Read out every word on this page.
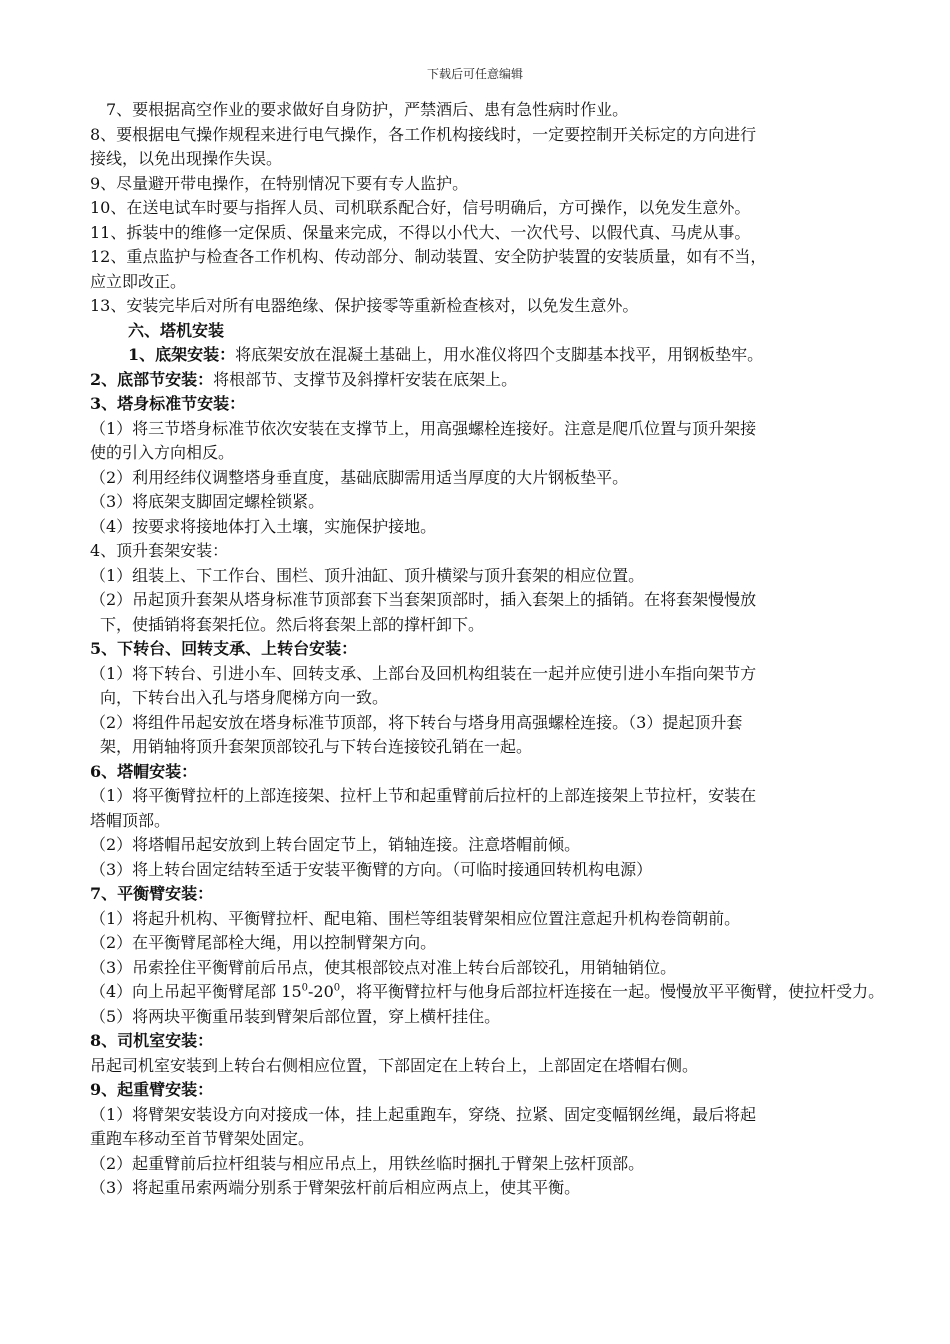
下载后可任意编辑

7、要根据高空作业的要求做好自身防护，严禁酒后、患有急性病时作业。

8、要根据电气操作规程来进行电气操作，各工作机构接线时，一定要控制开关标定的方向进行

接线，以免出现操作失误。

9、尽量避开带电操作，在特别情况下要有专人监护。

10、在送电试车时要与指挥人员、司机联系配合好，信号明确后，方可操作，以免发生意外。

11、拆装中的维修一定保质、保量来完成，不得以小代大、一次代号、以假代真、马虎从事。

12、重点监护与检查各工作机构、传动部分、制动装置、安全防护装置的安装质量，如有不当，

应立即改正。

13、安装完毕后对所有电器绝缘、保护接零等重新检查核对，以免发生意外。

六、塔机安装

1、底架安装：将底架安放在混凝土基础上，用水准仪将四个支脚基本找平，用钢板垫牢。

2、底部节安装：将根部节、支撑节及斜撑杆安装在底架上。

3、塔身标准节安装：

（1）将三节塔身标准节依次安装在支撑节上，用高强螺栓连接好。注意是爬爪位置与顶升架接

使的引入方向相反。

（2）利用经纬仪调整塔身垂直度，基础底脚需用适当厚度的大片钢板垫平。

（3）将底架支脚固定螺栓锁紧。

（4）按要求将接地体打入土壤，实施保护接地。

4、顶升套架安装：

（1）组装上、下工作台、围栏、顶升油缸、顶升横梁与顶升套架的相应位置。

（2）吊起顶升套架从塔身标准节顶部套下当套架顶部时，插入套架上的插销。在将套架慢慢放

下，使插销将套架托位。然后将套架上部的撑杆卸下。

5、下转台、回转支承、上转台安装：

（1）将下转台、引进小车、回转支承、上部台及回机构组装在一起并应使引进小车指向架节方

向，下转台出入孔与塔身爬梯方向一致。

（2）将组件吊起安放在塔身标准节顶部，将下转台与塔身用高强螺栓连接。（3）提起顶升套

架，用销轴将顶升套架顶部铰孔与下转台连接铰孔销在一起。

6、塔帽安装：

（1）将平衡臂拉杆的上部连接架、拉杆上节和起重臂前后拉杆的上部连接架上节拉杆，安装在

塔帽顶部。

（2）将塔帽吊起安放到上转台固定节上，销轴连接。注意塔帽前倾。

（3）将上转台固定结转至适于安装平衡臂的方向。（可临时接通回转机构电源）

7、平衡臂安装：

（1）将起升机构、平衡臂拉杆、配电箱、围栏等组装臂架相应位置注意起升机构卷筒朝前。

（2）在平衡臂尾部栓大绳，用以控制臂架方向。

（3）吊索拴住平衡臂前后吊点，使其根部铰点对准上转台后部铰孔，用销轴销位。

（4）向上吊起平衡臂尾部 $15^0-20^0$，将平衡臂拉杆与他身后部拉杆连接在一起。慢慢放平平衡臂，使拉杆受力。

（5）将两块平衡重吊装到臂架后部位置，穿上横杆挂住。

8、司机室安装：

吊起司机室安装到上转台右侧相应位置，下部固定在上转台上，上部固定在塔帽右侧。

9、起重臂安装：

（1）将臂架安装设方向对接成一体，挂上起重跑车，穿绕、拉紧、固定变幅钢丝绳，最后将起

重跑车移动至首节臂架处固定。

（2）起重臂前后拉杆组装与相应吊点上，用铁丝临时捆扎于臂架上弦杆顶部。

（3）将起重吊索两端分别系于臂架弦杆前后相应两点上，使其平衡。
